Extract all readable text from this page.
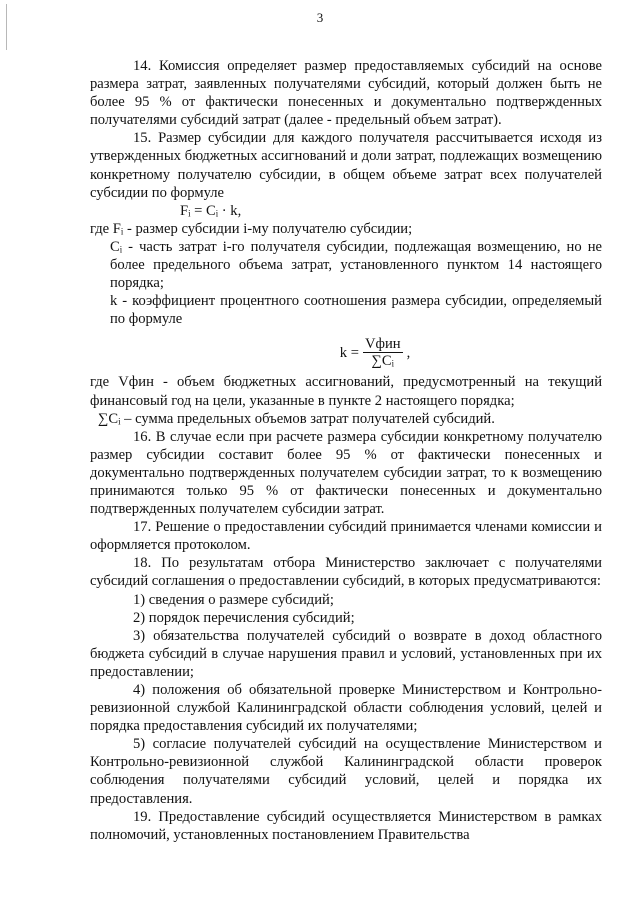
3

14. Комиссия определяет размер предоставляемых субсидий на основе размера затрат, заявленных получателями субсидий, который должен быть не более 95 % от фактически понесенных и документально подтвержденных получателями субсидий затрат (далее - предельный объем затрат).

15. Размер субсидии для каждого получателя рассчитывается исходя из утвержденных бюджетных ассигнований и доли затрат, подлежащих возмещению конкретному получателю субсидии, в общем объеме затрат всех получателей субсидии по формуле

Fᵢ = Cᵢ · k,

где Fᵢ - размер субсидии i-му получателю субсидии;

Cᵢ - часть затрат i-го получателя субсидии, подлежащая возмещению, но не более предельного объема затрат, установленного пунктом 14 настоящего порядка;

k - коэффициент процентного соотношения размера субсидии, определяемый по формуле

$k = \frac{\text{Vфин}}{\text{∑Cᵢ}}$ ,

где Vфин - объем бюджетных ассигнований, предусмотренный на текущий финансовый год на цели, указанные в пункте 2 настоящего порядка;

∑Cᵢ – сумма предельных объемов затрат получателей субсидий.

16. В случае если при расчете размера субсидии конкретному получателю размер субсидии составит более 95 % от фактически понесенных и документально подтвержденных получателем субсидии затрат, то к возмещению принимаются только 95 % от фактически понесенных и документально подтвержденных получателем субсидии затрат.

17. Решение о предоставлении субсидий принимается членами комиссии и оформляется протоколом.

18. По результатам отбора Министерство заключает с получателями субсидий соглашения о предоставлении субсидий, в которых предусматриваются:

1) сведения о размере субсидий;

2) порядок перечисления субсидий;

3) обязательства получателей субсидий о возврате в доход областного бюджета субсидий в случае нарушения правил и условий, установленных при их предоставлении;

4) положения об обязательной проверке Министерством и Контрольно-ревизионной службой Калининградской области соблюдения условий, целей и порядка предоставления субсидий их получателями;

5) согласие получателей субсидий на осуществление Министерством и Контрольно-ревизионной службой Калининградской области проверок соблюдения получателями субсидий условий, целей и порядка их предоставления.

19. Предоставление субсидий осуществляется Министерством в рамках полномочий, установленных постановлением Правительства
